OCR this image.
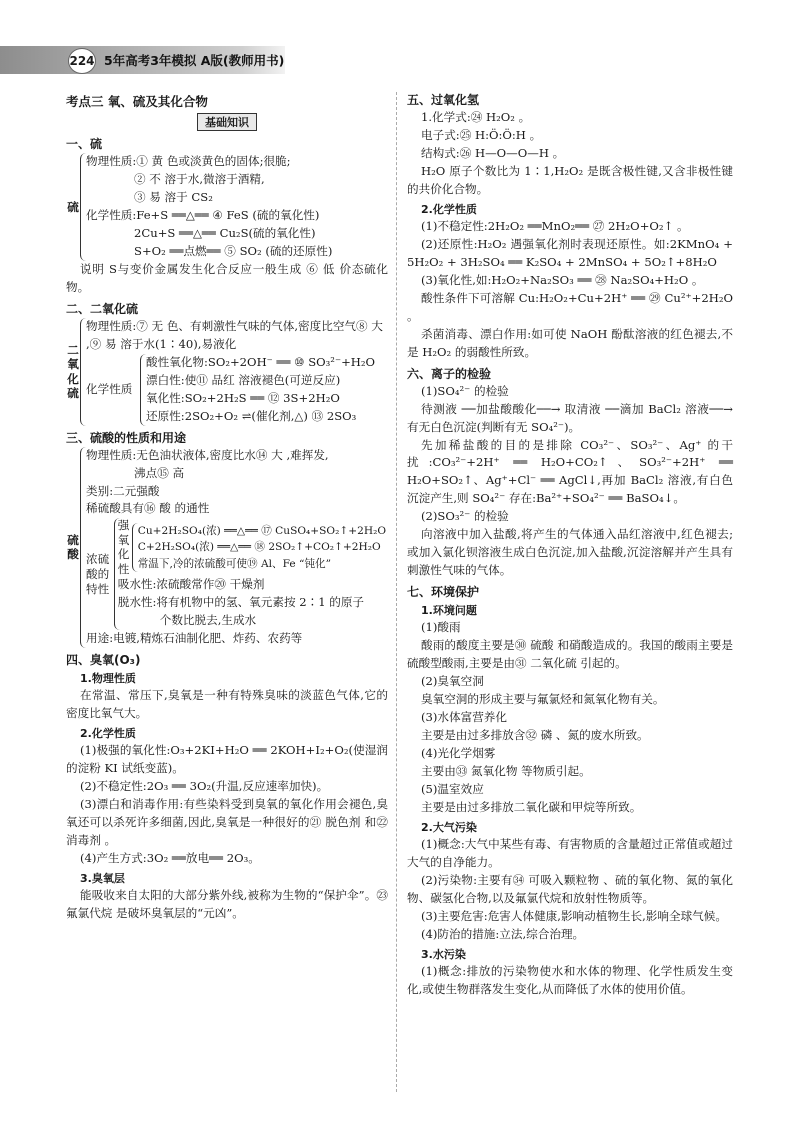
224 5年高考3年模拟 A版(教师用书)

考点三 氧、硫及其化合物

基础知识

一、硫

硫

物理性质:① 黄 色或淡黄色的固体;很脆;

② 不 溶于水,微溶于酒精,

③ 易 溶于 CS₂

化学性质:Fe+S ══△══ ④ FeS (硫的氧化性)

2Cu+S ══△══ Cu₂S(硫的氧化性)

S+O₂ ══点燃══ ⑤ SO₂ (硫的还原性)

说明 S与变价金属发生化合反应一般生成 ⑥ 低 价态硫化物。

二、二氧化硫

二氧化硫

物理性质:⑦ 无 色、有刺激性气味的气体,密度比空气⑧ 大 ,⑨ 易 溶于水(1∶40),易液化

化学性质

酸性氧化物:SO₂+2OH⁻ ══ ⑩ SO₃²⁻+H₂O

漂白性:使⑪ 品红 溶液褪色(可逆反应)

氧化性:SO₂+2H₂S ══ ⑫ 3S+2H₂O

还原性:2SO₂+O₂ ⇌(催化剂,△) ⑬ 2SO₃

三、硫酸的性质和用途

硫酸

物理性质:无色油状液体,密度比水⑭ 大 ,难挥发,

沸点⑮ 高

类别:二元强酸

稀硫酸具有⑯ 酸 的通性

浓硫酸的特性
强氧化性

Cu+2H₂SO₄(浓) ══△══ ⑰ CuSO₄+SO₂↑+2H₂O

C+2H₂SO₄(浓) ══△══ ⑱ 2SO₂↑+CO₂↑+2H₂O

常温下,冷的浓硫酸可使⑲ Al、Fe “钝化”

吸水性:浓硫酸常作⑳ 干燥剂

脱水性:将有机物中的氢、氧元素按 2∶1 的原子

个数比脱去,生成水

用途:电镀,精炼石油制化肥、炸药、农药等

四、臭氧(O₃)

1.物理性质

在常温、常压下,臭氧是一种有特殊臭味的淡蓝色气体,它的密度比氧气大。

2.化学性质

(1)极强的氧化性:O₃+2KI+H₂O ══ 2KOH+I₂+O₂(使湿润的淀粉 KI 试纸变蓝)。

(2)不稳定性:2O₃ ══ 3O₂(升温,反应速率加快)。

(3)漂白和消毒作用:有些染料受到臭氧的氧化作用会褪色,臭氧还可以杀死许多细菌,因此,臭氧是一种很好的㉑ 脱色剂 和㉒ 消毒剂 。

(4)产生方式:3O₂ ══放电══ 2O₃。

3.臭氧层

能吸收来自太阳的大部分紫外线,被称为生物的“保护伞”。㉓ 氟氯代烷 是破坏臭氧层的“元凶”。

五、过氧化氢

1.化学式:㉔ H₂O₂ 。

电子式:㉕ H:Ö:Ö:H 。

结构式:㉖ H—O—O—H 。

H₂O 原子个数比为 1∶1,H₂O₂ 是既含极性键,又含非极性键的共价化合物。

2.化学性质

(1)不稳定性:2H₂O₂ ══MnO₂══ ㉗ 2H₂O+O₂↑ 。

(2)还原性:H₂O₂ 遇强氧化剂时表现还原性。如:2KMnO₄ + 5H₂O₂ + 3H₂SO₄ ══ K₂SO₄ + 2MnSO₄ + 5O₂↑+8H₂O

(3)氧化性,如:H₂O₂+Na₂SO₃ ══ ㉘ Na₂SO₄+H₂O 。

酸性条件下可溶解 Cu:H₂O₂+Cu+2H⁺ ══ ㉙ Cu²⁺+2H₂O 。

杀菌消毒、漂白作用:如可使 NaOH 酚酞溶液的红色褪去,不是 H₂O₂ 的弱酸性所致。

六、离子的检验

(1)SO₄²⁻ 的检验

待测液 ──加盐酸酸化──→ 取清液 ──滴加 BaCl₂ 溶液──→ 有无白色沉淀(判断有无 SO₄²⁻)。

先加稀盐酸的目的是排除 CO₃²⁻、SO₃²⁻、Ag⁺ 的干扰:CO₃²⁻+2H⁺ ══ H₂O+CO₂↑、SO₃²⁻+2H⁺ ══ H₂O+SO₂↑、Ag⁺+Cl⁻ ══ AgCl↓,再加 BaCl₂ 溶液,有白色沉淀产生,则 SO₄²⁻ 存在:Ba²⁺+SO₄²⁻ ══ BaSO₄↓。

(2)SO₃²⁻ 的检验

向溶液中加入盐酸,将产生的气体通入品红溶液中,红色褪去;或加入氯化钡溶液生成白色沉淀,加入盐酸,沉淀溶解并产生具有刺激性气味的气体。

七、环境保护

1.环境问题

(1)酸雨

酸雨的酸度主要是㉚ 硫酸 和硝酸造成的。我国的酸雨主要是硫酸型酸雨,主要是由㉛ 二氧化硫 引起的。

(2)臭氧空洞

臭氧空洞的形成主要与氟氯烃和氮氧化物有关。

(3)水体富营养化

主要是由过多排放含㉜ 磷 、氮的废水所致。

(4)光化学烟雾

主要由㉝ 氮氧化物 等物质引起。

(5)温室效应

主要是由过多排放二氧化碳和甲烷等所致。

2.大气污染

(1)概念:大气中某些有毒、有害物质的含量超过正常值或超过大气的自净能力。

(2)污染物:主要有㉞ 可吸入颗粒物 、硫的氧化物、氮的氧化物、碳氢化合物,以及氟氯代烷和放射性物质等。

(3)主要危害:危害人体健康,影响动植物生长,影响全球气候。

(4)防治的措施:立法,综合治理。

3.水污染

(1)概念:排放的污染物使水和水体的物理、化学性质发生变化,或使生物群落发生变化,从而降低了水体的使用价值。
